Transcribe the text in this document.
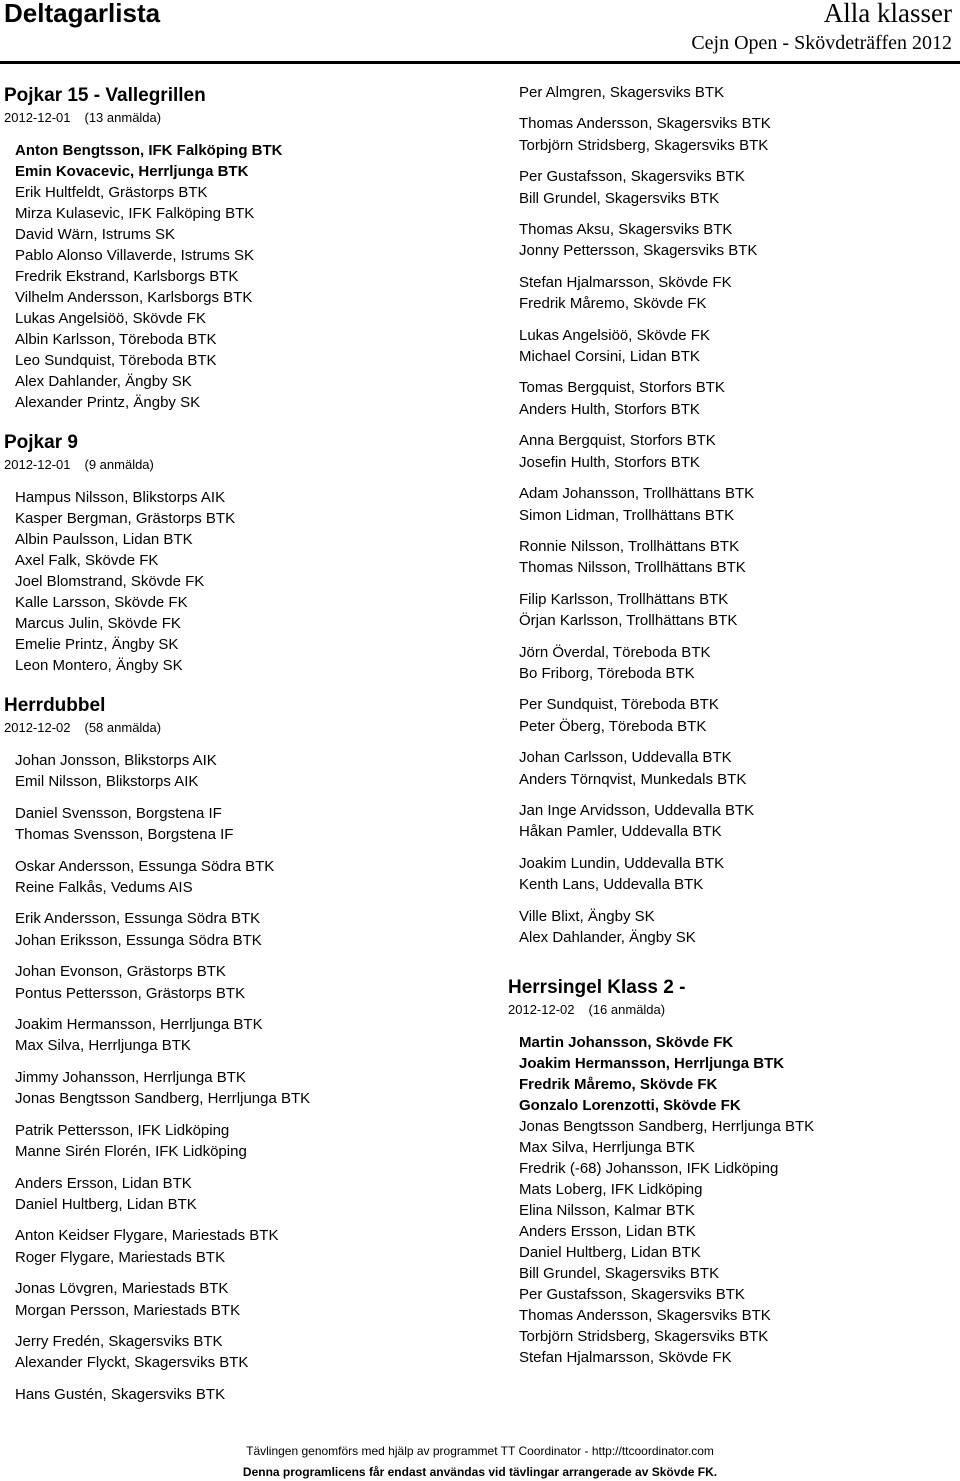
Deltagarlista	Alla klasser
Cejn Open - Skövdeträffen 2012
Pojkar 15 - Vallegrillen
2012-12-01 (13 anmälda)
Anton Bengtsson, IFK Falköping BTK
Emin Kovacevic, Herrljunga BTK
Erik Hultfeldt, Grästorps BTK
Mirza Kulasevic, IFK Falköping BTK
David Wärn, Istrums SK
Pablo Alonso Villaverde, Istrums SK
Fredrik Ekstrand, Karlsborgs BTK
Vilhelm Andersson, Karlsborgs BTK
Lukas Angelsiöö, Skövde FK
Albin Karlsson, Töreboda BTK
Leo Sundquist, Töreboda BTK
Alex Dahlander, Ängby SK
Alexander Printz, Ängby SK
Pojkar 9
2012-12-01 (9 anmälda)
Hampus Nilsson, Blikstorps AIK
Kasper Bergman, Grästorps BTK
Albin Paulsson, Lidan BTK
Axel Falk, Skövde FK
Joel Blomstrand, Skövde FK
Kalle Larsson, Skövde FK
Marcus Julin, Skövde FK
Emelie Printz, Ängby SK
Leon Montero, Ängby SK
Herrdubbel
2012-12-02 (58 anmälda)
Johan Jonsson, Blikstorps AIK
Emil Nilsson, Blikstorps AIK
Daniel Svensson, Borgstena IF
Thomas Svensson, Borgstena IF
Oskar Andersson, Essunga Södra BTK
Reine Falkås, Vedums AIS
Erik Andersson, Essunga Södra BTK
Johan Eriksson, Essunga Södra BTK
Johan Evonson, Grästorps BTK
Pontus Pettersson, Grästorps BTK
Joakim Hermansson, Herrljunga BTK
Max Silva, Herrljunga BTK
Jimmy Johansson, Herrljunga BTK
Jonas Bengtsson Sandberg, Herrljunga BTK
Patrik Pettersson, IFK Lidköping
Manne Sirén Florén, IFK Lidköping
Anders Ersson, Lidan BTK
Daniel Hultberg, Lidan BTK
Anton Keidser Flygare, Mariestads BTK
Roger Flygare, Mariestads BTK
Jonas Lövgren, Mariestads BTK
Morgan Persson, Mariestads BTK
Jerry Fredén, Skagersviks BTK
Alexander Flyckt, Skagersviks BTK
Hans Gustén, Skagersviks BTK
Per Almgren, Skagersviks BTK
Thomas Andersson, Skagersviks BTK
Torbjörn Stridsberg, Skagersviks BTK
Per Gustafsson, Skagersviks BTK
Bill Grundel, Skagersviks BTK
Thomas Aksu, Skagersviks BTK
Jonny Pettersson, Skagersviks BTK
Stefan Hjalmarsson, Skövde FK
Fredrik Måremo, Skövde FK
Lukas Angelsiöö, Skövde FK
Michael Corsini, Lidan BTK
Tomas Bergquist, Storfors BTK
Anders Hulth, Storfors BTK
Anna Bergquist, Storfors BTK
Josefin Hulth, Storfors BTK
Adam Johansson, Trollhättans BTK
Simon Lidman, Trollhättans BTK
Ronnie Nilsson, Trollhättans BTK
Thomas Nilsson, Trollhättans BTK
Filip Karlsson, Trollhättans BTK
Örjan Karlsson, Trollhättans BTK
Jörn Överdal, Töreboda BTK
Bo Friborg, Töreboda BTK
Per Sundquist, Töreboda BTK
Peter Öberg, Töreboda BTK
Johan Carlsson, Uddevalla BTK
Anders Törnqvist, Munkedals BTK
Jan Inge Arvidsson, Uddevalla BTK
Håkan Pamler, Uddevalla BTK
Joakim Lundin, Uddevalla BTK
Kenth Lans, Uddevalla BTK
Ville Blixt, Ängby SK
Alex Dahlander, Ängby SK
Herrsingel Klass 2 -
2012-12-02 (16 anmälda)
Martin Johansson, Skövde FK
Joakim Hermansson, Herrljunga BTK
Fredrik Måremo, Skövde FK
Gonzalo Lorenzotti, Skövde FK
Jonas Bengtsson Sandberg, Herrljunga BTK
Max Silva, Herrljunga BTK
Fredrik (-68) Johansson, IFK Lidköping
Mats Loberg, IFK Lidköping
Elina Nilsson, Kalmar BTK
Anders Ersson, Lidan BTK
Daniel Hultberg, Lidan BTK
Bill Grundel, Skagersviks BTK
Per Gustafsson, Skagersviks BTK
Thomas Andersson, Skagersviks BTK
Torbjörn Stridsberg, Skagersviks BTK
Stefan Hjalmarsson, Skövde FK
Tävlingen genomförs med hjälp av programmet TT Coordinator - http://ttcoordinator.com
Denna programlicens får endast användas vid tävlingar arrangerade av Skövde FK.
